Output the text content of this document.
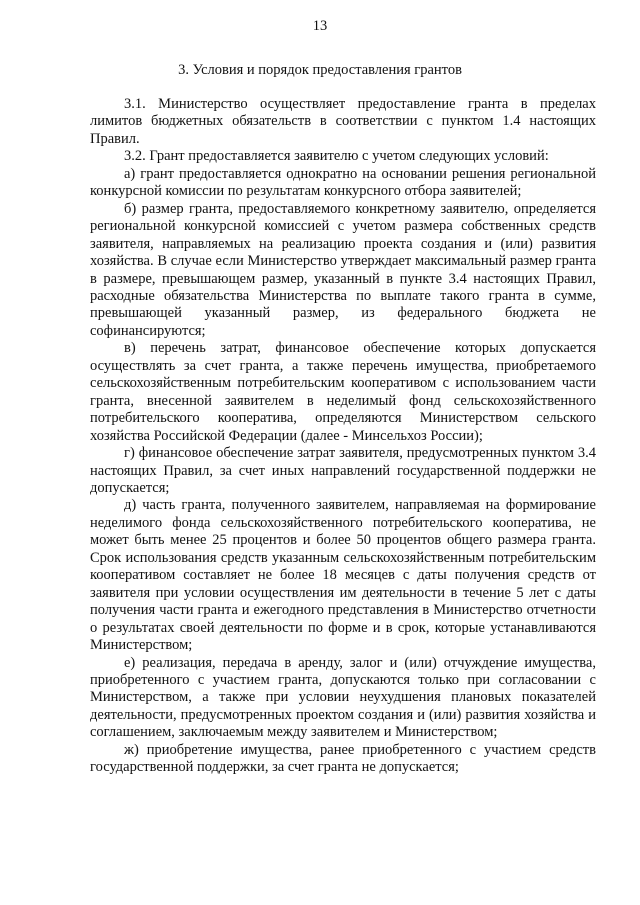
13
3. Условия и порядок предоставления грантов

3.1. Министерство осуществляет предоставление гранта в пределах лимитов бюджетных обязательств в соответствии с пунктом 1.4 настоящих Правил.

3.2. Грант предоставляется заявителю с учетом следующих условий:

а) грант предоставляется однократно на основании решения региональной конкурсной комиссии по результатам конкурсного отбора заявителей;

б) размер гранта, предоставляемого конкретному заявителю, определяется региональной конкурсной комиссией с учетом размера собственных средств заявителя, направляемых на реализацию проекта создания и (или) развития хозяйства. В случае если Министерство утверждает максимальный размер гранта в размере, превышающем размер, указанный в пункте 3.4 настоящих Правил, расходные обязательства Министерства по выплате такого гранта в сумме, превышающей указанный размер, из федерального бюджета не софинансируются;

в) перечень затрат, финансовое обеспечение которых допускается осуществлять за счет гранта, а также перечень имущества, приобретаемого сельскохозяйственным потребительским кооперативом с использованием части гранта, внесенной заявителем в неделимый фонд сельскохозяйственного потребительского кооператива, определяются Министерством сельского хозяйства Российской Федерации (далее - Минсельхоз России);

г) финансовое обеспечение затрат заявителя, предусмотренных пунктом 3.4 настоящих Правил, за счет иных направлений государственной поддержки не допускается;

д) часть гранта, полученного заявителем, направляемая на формирование неделимого фонда сельскохозяйственного потребительского кооператива, не может быть менее 25 процентов и более 50 процентов общего размера гранта. Срок использования средств указанным сельскохозяйственным потребительским кооперативом составляет не более 18 месяцев с даты получения средств от заявителя при условии осуществления им деятельности в течение 5 лет с даты получения части гранта и ежегодного представления в Министерство отчетности о результатах своей деятельности по форме и в срок, которые устанавливаются Министерством;

е) реализация, передача в аренду, залог и (или) отчуждение имущества, приобретенного с участием гранта, допускаются только при согласовании с Министерством, а также при условии неухудшения плановых показателей деятельности, предусмотренных проектом создания и (или) развития хозяйства и соглашением, заключаемым между заявителем и Министерством;

ж) приобретение имущества, ранее приобретенного с участием средств государственной поддержки, за счет гранта не допускается;
